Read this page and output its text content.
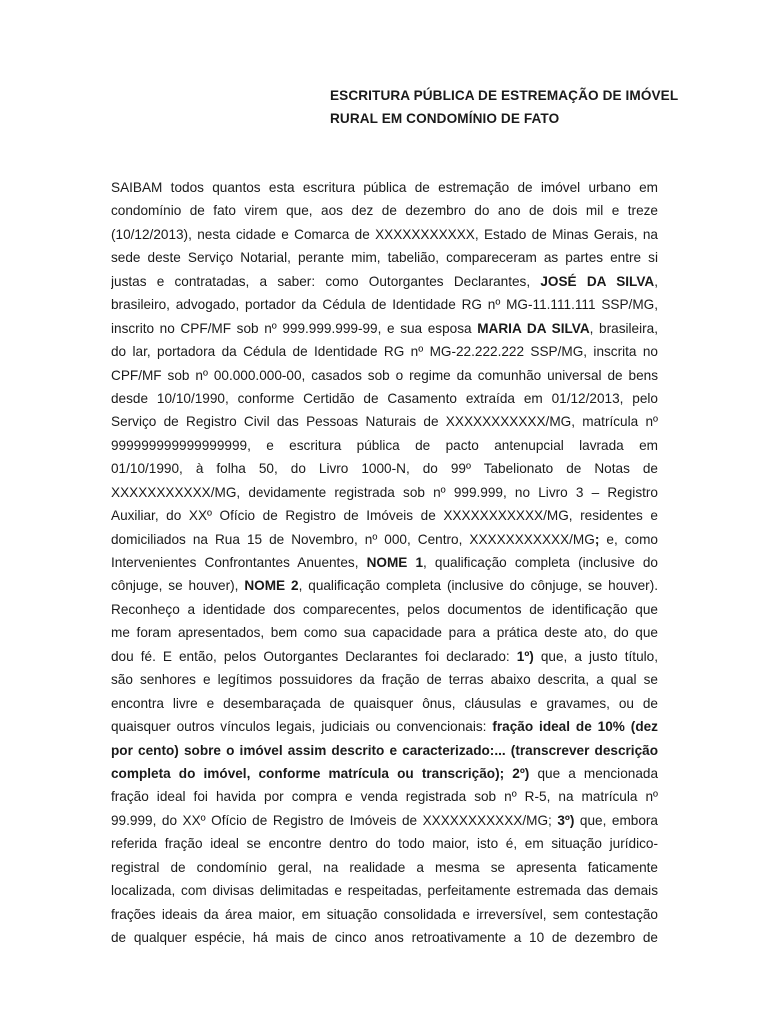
ESCRITURA PÚBLICA DE ESTREMAÇÃO DE IMÓVEL
RURAL EM CONDOMÍNIO DE FATO
SAIBAM todos quantos esta escritura pública de estremação de imóvel urbano em
condomínio de fato virem que, aos dez de dezembro do ano de dois mil e treze
(10/12/2013), nesta cidade e Comarca de XXXXXXXXXXX, Estado de Minas Gerais, na
sede deste Serviço Notarial, perante mim, tabelião, compareceram as partes entre si
justas e contratadas, a saber: como Outorgantes Declarantes, JOSÉ DA SILVA,
brasileiro, advogado, portador da Cédula de Identidade RG nº MG-11.111.111 SSP/MG,
inscrito no CPF/MF sob nº 999.999.999-99, e sua esposa MARIA DA SILVA, brasileira,
do lar, portadora da Cédula de Identidade RG nº MG-22.222.222 SSP/MG, inscrita no
CPF/MF sob nº 00.000.000-00, casados sob o regime da comunhão universal de bens
desde 10/10/1990, conforme Certidão de Casamento extraída em 01/12/2013, pelo
Serviço de Registro Civil das Pessoas Naturais de XXXXXXXXXXX/MG, matrícula nº
999999999999999999, e escritura pública de pacto antenupcial lavrada em
01/10/1990, à folha 50, do Livro 1000-N, do 99º Tabelionato de Notas de
XXXXXXXXXXX/MG, devidamente registrada sob nº 999.999, no Livro 3 – Registro
Auxiliar, do XXº Ofício de Registro de Imóveis de XXXXXXXXXXX/MG, residentes e
domiciliados na Rua 15 de Novembro, nº 000, Centro, XXXXXXXXXXX/MG; e, como
Intervenientes Confrontantes Anuentes, NOME 1, qualificação completa (inclusive do
cônjuge, se houver), NOME 2, qualificação completa (inclusive do cônjuge, se houver).
Reconheço a identidade dos comparecentes, pelos documentos de identificação que
me foram apresentados, bem como sua capacidade para a prática deste ato, do que
dou fé. E então, pelos Outorgantes Declarantes foi declarado: 1º) que, a justo título,
são senhores e legítimos possuidores da fração de terras abaixo descrita, a qual se
encontra livre e desembaraçada de quaisquer ônus, cláusulas e gravames, ou de
quaisquer outros vínculos legais, judiciais ou convencionais: fração ideal de 10% (dez
por cento) sobre o imóvel assim descrito e caracterizado:... (transcrever descrição
completa do imóvel, conforme matrícula ou transcrição); 2º) que a mencionada
fração ideal foi havida por compra e venda registrada sob nº R-5, na matrícula nº
99.999, do XXº Ofício de Registro de Imóveis de XXXXXXXXXXX/MG; 3º) que, embora
referida fração ideal se encontre dentro do todo maior, isto é, em situação jurídico-
registral de condomínio geral, na realidade a mesma se apresenta faticamente
localizada, com divisas delimitadas e respeitadas, perfeitamente estremada das demais
frações ideais da área maior, em situação consolidada e irreversível, sem contestação
de qualquer espécie, há mais de cinco anos retroativamente a 10 de dezembro de
